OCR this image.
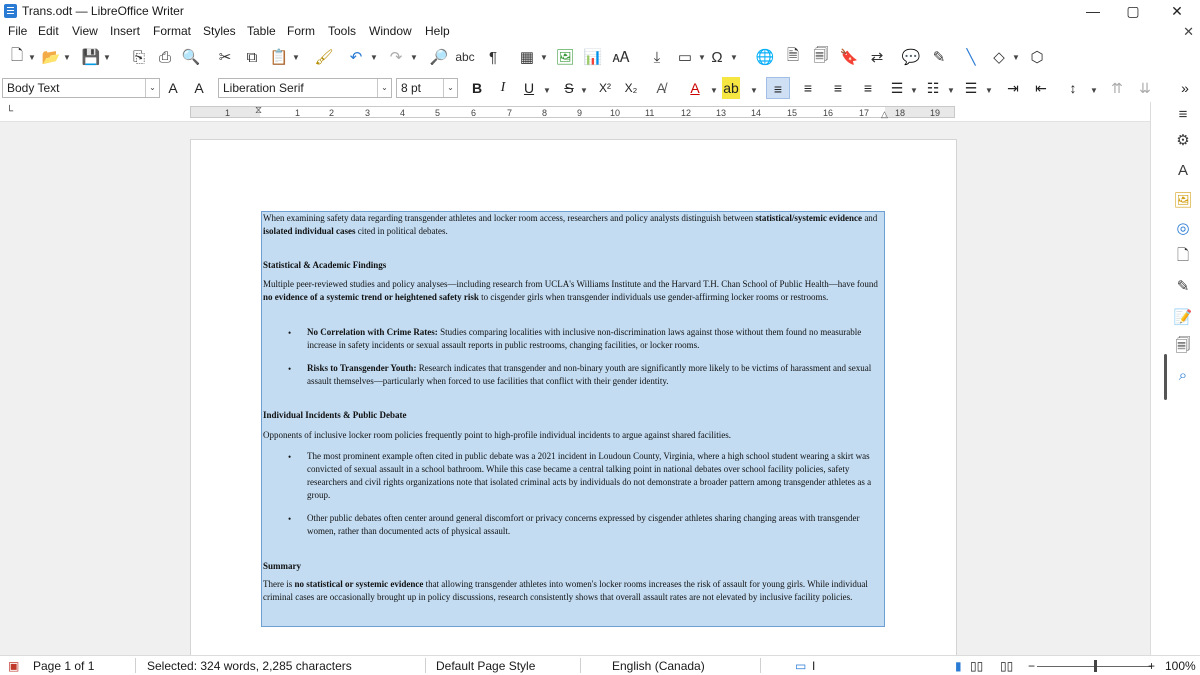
Trans.odt — LibreOffice Writer	—	▢	✕
File Edit View Insert Format Styles Table Form Tools Window Help	✕
🗋 ▼ 📂 ▼ 💾 ▼	⎘ ⎙ 🔍	✂	⧉ 📋 ▼ 🖌	↶ ▼ ↷ ▼ 🔎 abc ¶	▦ ▼ 🖼 📊 🗚	⤓	▭ ▼ Ω ▼ 🌐 🗎 🗐 🔖 ⇄	💬 ✎	╲	◇ ▼ ⬡
Body Text	⌄ A	A	Liberation Serif	⌄	8 pt	⌄ B	I	U	▼ S ▼ X² X₂	A̸	A	▼ ab ▼	≡	≡	≡	≡	☰ ▼ ☷ ▼ ☰ ▼ ⇥ ⇤	↕	▼ ⇈ ⇊	»
└	1	1	2	3	4	5	6	7	8	9	10	11	12	13	14	15	16	17	18	19
⧖	△
When examining safety data regarding transgender athletes and locker room access, researchers and policy analysts distinguish between statistical/systemic evidence and isolated individual cases cited in political debates.
Statistical & Academic Findings
Multiple peer-reviewed studies and policy analyses—including research from UCLA's Williams Institute and the Harvard T.H. Chan School of Public Health—have found no evidence of a systemic trend or heightened safety risk to cisgender girls when transgender individuals use gender-affirming locker rooms or restrooms.
•	No Correlation with Crime Rates: Studies comparing localities with inclusive non-discrimination laws against those without them found no measurable increase in safety incidents or sexual assault reports in public restrooms, changing facilities, or locker rooms.
•	Risks to Transgender Youth: Research indicates that transgender and non-binary youth are significantly more likely to be victims of harassment and sexual assault themselves—particularly when forced to use facilities that conflict with their gender identity.
Individual Incidents & Public Debate
Opponents of inclusive locker room policies frequently point to high-profile individual incidents to argue against shared facilities.
•	The most prominent example often cited in public debate was a 2021 incident in Loudoun County, Virginia, where a high school student wearing a skirt was convicted of sexual assault in a school bathroom. While this case became a central talking point in national debates over school facility policies, safety researchers and civil rights organizations note that isolated criminal acts by individuals do not demonstrate a broader pattern among transgender athletes as a group.
•	Other public debates often center around general discomfort or privacy concerns expressed by cisgender athletes sharing changing areas with transgender women, rather than documented acts of physical assault.
Summary
There is no statistical or systemic evidence that allowing transgender athletes into women's locker rooms increases the risk of assault for young girls. While individual criminal cases are occasionally brought up in policy discussions, research consistently shows that overall assault rates are not elevated by inclusive facility policies.
≡
⚙
A
🖼
◎
🗋
✎
📝
🗐
⌕
▣ Page 1 of 1	Selected: 324 words, 2,285 characters	Default Page Style	English (Canada)	▭ I	▮ ▯▯ ▯▯ −	+ 100%
